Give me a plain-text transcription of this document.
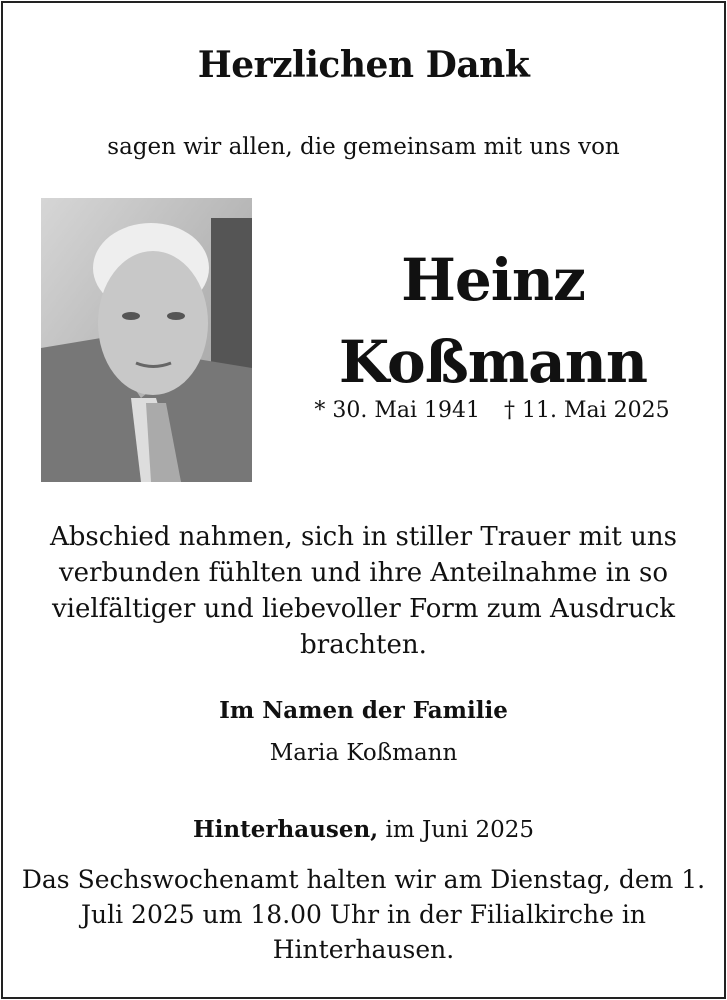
Herzlichen Dank
sagen wir allen, die gemeinsam mit uns von
Heinz
Koßmann
* 30. Mai 1941 † 11. Mai 2025
Abschied nahmen, sich in stiller Trauer mit uns verbunden fühlten und ihre Anteilnahme in so vielfältiger und liebevoller Form zum Ausdruck brachten.
Im Namen der Familie
Maria Koßmann
Hinterhausen, im Juni 2025
Das Sechswochenamt halten wir am Dienstag, dem 1. Juli 2025 um 18.00 Uhr in der Filialkirche in Hinterhausen.
